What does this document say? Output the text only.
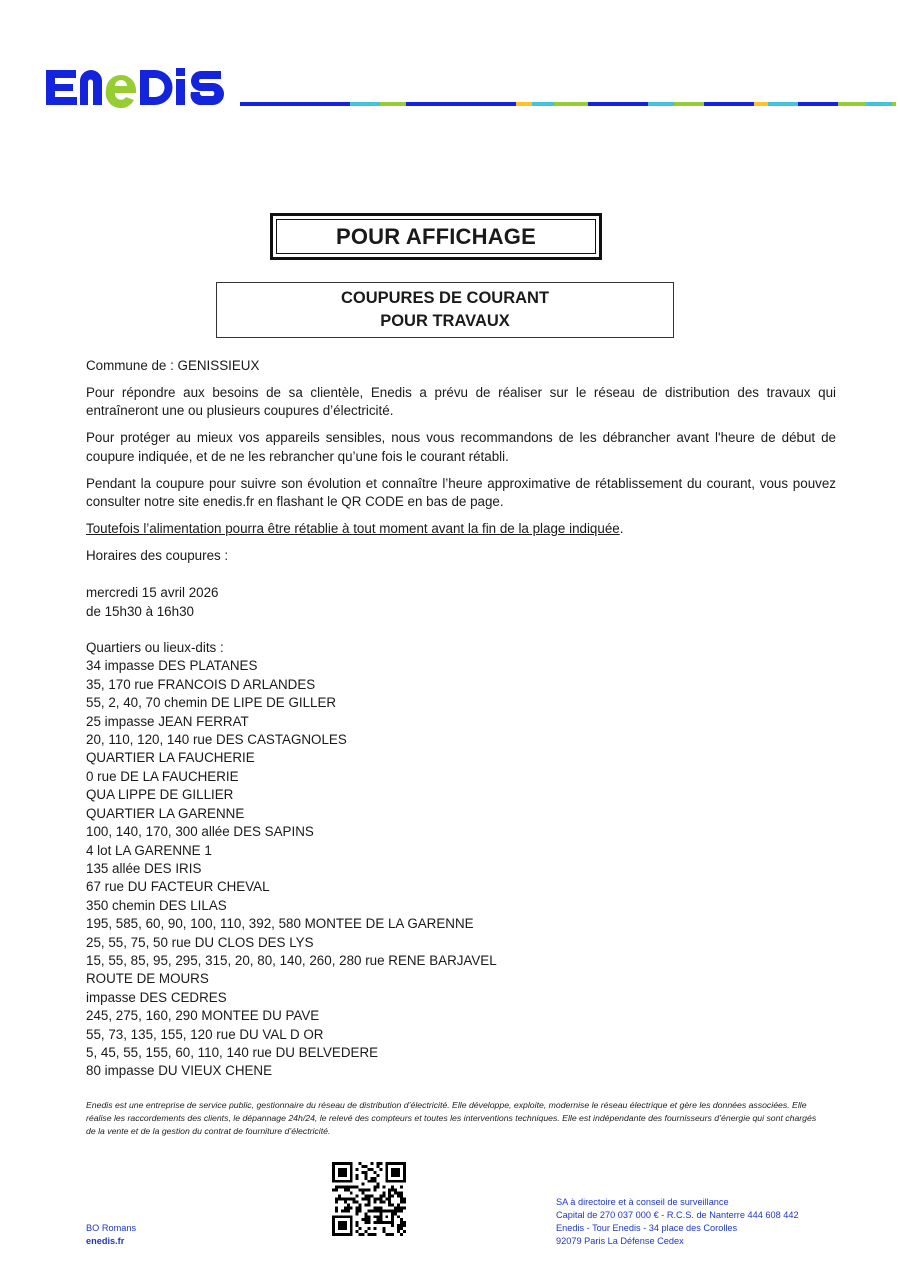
POUR AFFICHAGE
COUPURES DE COURANT
POUR TRAVAUX

Commune de : GENISSIEUX

Pour répondre aux besoins de sa clientèle, Enedis a prévu de réaliser sur le réseau de distribution des travaux qui entraîneront une ou plusieurs coupures d’électricité.

Pour protéger au mieux vos appareils sensibles, nous vous recommandons de les débrancher avant l'heure de début de coupure indiquée, et de ne les rebrancher qu’une fois le courant rétabli.

Pendant la coupure pour suivre son évolution et connaître l’heure approximative de rétablissement du courant, vous pouvez consulter notre site enedis.fr en flashant le QR CODE en bas de page.

Toutefois l’alimentation pourra être rétablie à tout moment avant la fin de la plage indiquée.

Horaires des coupures :

mercredi 15 avril 2026
de 15h30 à 16h30
Quartiers ou lieux-dits :
34 impasse DES PLATANES
35, 170 rue FRANCOIS D ARLANDES
55, 2, 40, 70 chemin DE LIPE DE GILLER
25 impasse JEAN FERRAT
20, 110, 120, 140 rue DES CASTAGNOLES
QUARTIER LA FAUCHERIE
0 rue DE LA FAUCHERIE
QUA LIPPE DE GILLIER
QUARTIER LA GARENNE
100, 140, 170, 300 allée DES SAPINS
4 lot LA GARENNE 1
135 allée DES IRIS
67 rue DU FACTEUR CHEVAL
350 chemin DES LILAS
195, 585, 60, 90, 100, 110, 392, 580 MONTEE DE LA GARENNE
25, 55, 75, 50 rue DU CLOS DES LYS
15, 55, 85, 95, 295, 315, 20, 80, 140, 260, 280 rue RENE BARJAVEL
ROUTE DE MOURS
impasse DES CEDRES
245, 275, 160, 290 MONTEE DU PAVE
55, 73, 135, 155, 120 rue DU VAL D OR
5, 45, 55, 155, 60, 110, 140 rue DU BELVEDERE
80 impasse DU VIEUX CHENE
Enedis est une entreprise de service public, gestionnaire du réseau de distribution d’électricité. Elle développe, exploite, modernise le réseau électrique et gère les données associées. Elle réalise les raccordements des clients, le dépannage 24h/24, le relevé des compteurs et toutes les interventions techniques. Elle est indépendante des fournisseurs d’énergie qui sont chargés de la vente et de la gestion du contrat de fourniture d’électricité.
BO Romans
enedis.fr
SA à directoire et à conseil de surveillance
Capital de 270 037 000 € - R.C.S. de Nanterre 444 608 442
Enedis - Tour Enedis - 34 place des Corolles
92079 Paris La Défense Cedex
